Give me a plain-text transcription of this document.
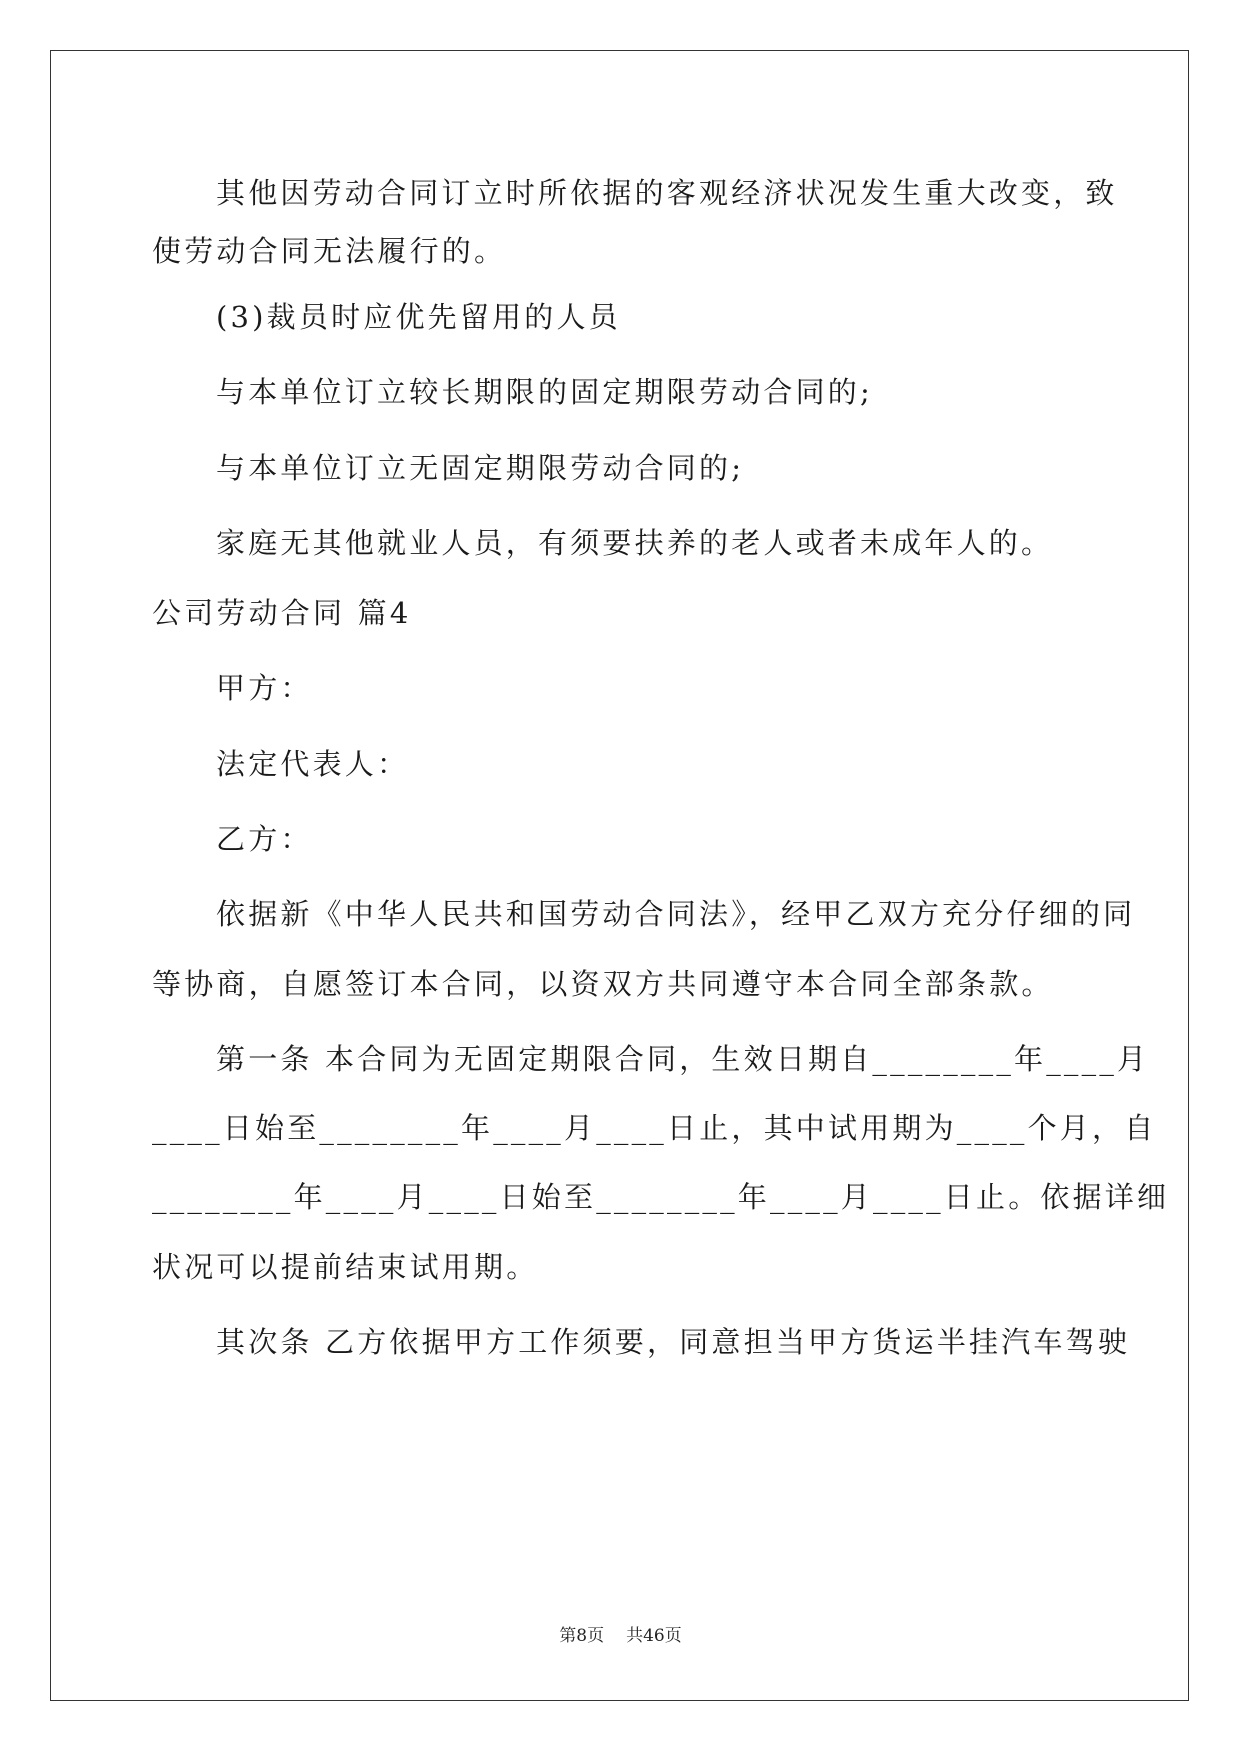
其他因劳动合同订立时所依据的客观经济状况发生重大改变，致
使劳动合同无法履行的。
(3)裁员时应优先留用的人员
与本单位订立较长期限的固定期限劳动合同的;
与本单位订立无固定期限劳动合同的;
家庭无其他就业人员，有须要扶养的老人或者未成年人的。
公司劳动合同 篇4
甲方：
法定代表人：
乙方：
依据新《中华人民共和国劳动合同法》，经甲乙双方充分仔细的同
等协商，自愿签订本合同，以资双方共同遵守本合同全部条款。
第一条 本合同为无固定期限合同，生效日期自________年____月
____日始至________年____月____日止，其中试用期为____个月，自
________年____月____日始至________年____月____日止。依据详细
状况可以提前结束试用期。
其次条 乙方依据甲方工作须要，同意担当甲方货运半挂汽车驾驶
第8页 共46页
